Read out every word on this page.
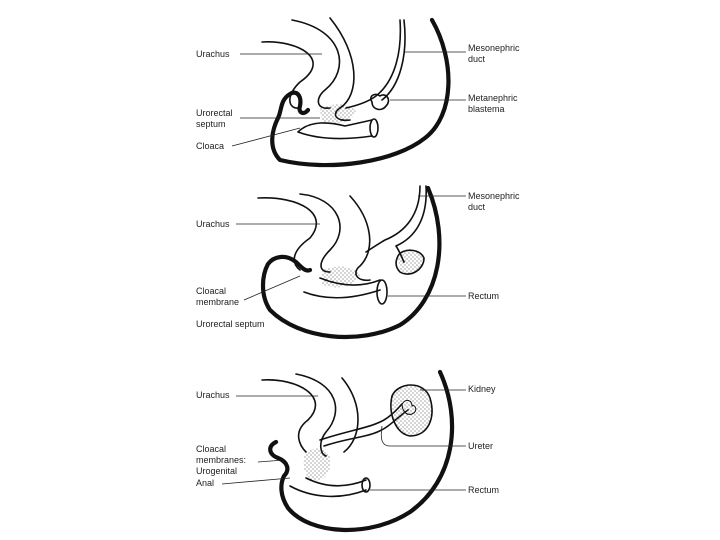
Urachus
Urorectal
septum
Cloaca
Mesonephric
duct
Metanephric
blastema
Urachus
Cloacal
membrane
Urorectal septum
Mesonephric
duct
Rectum
Urachus
Cloacal
membranes:
Urogenital
Anal
Kidney
Ureter
Rectum
